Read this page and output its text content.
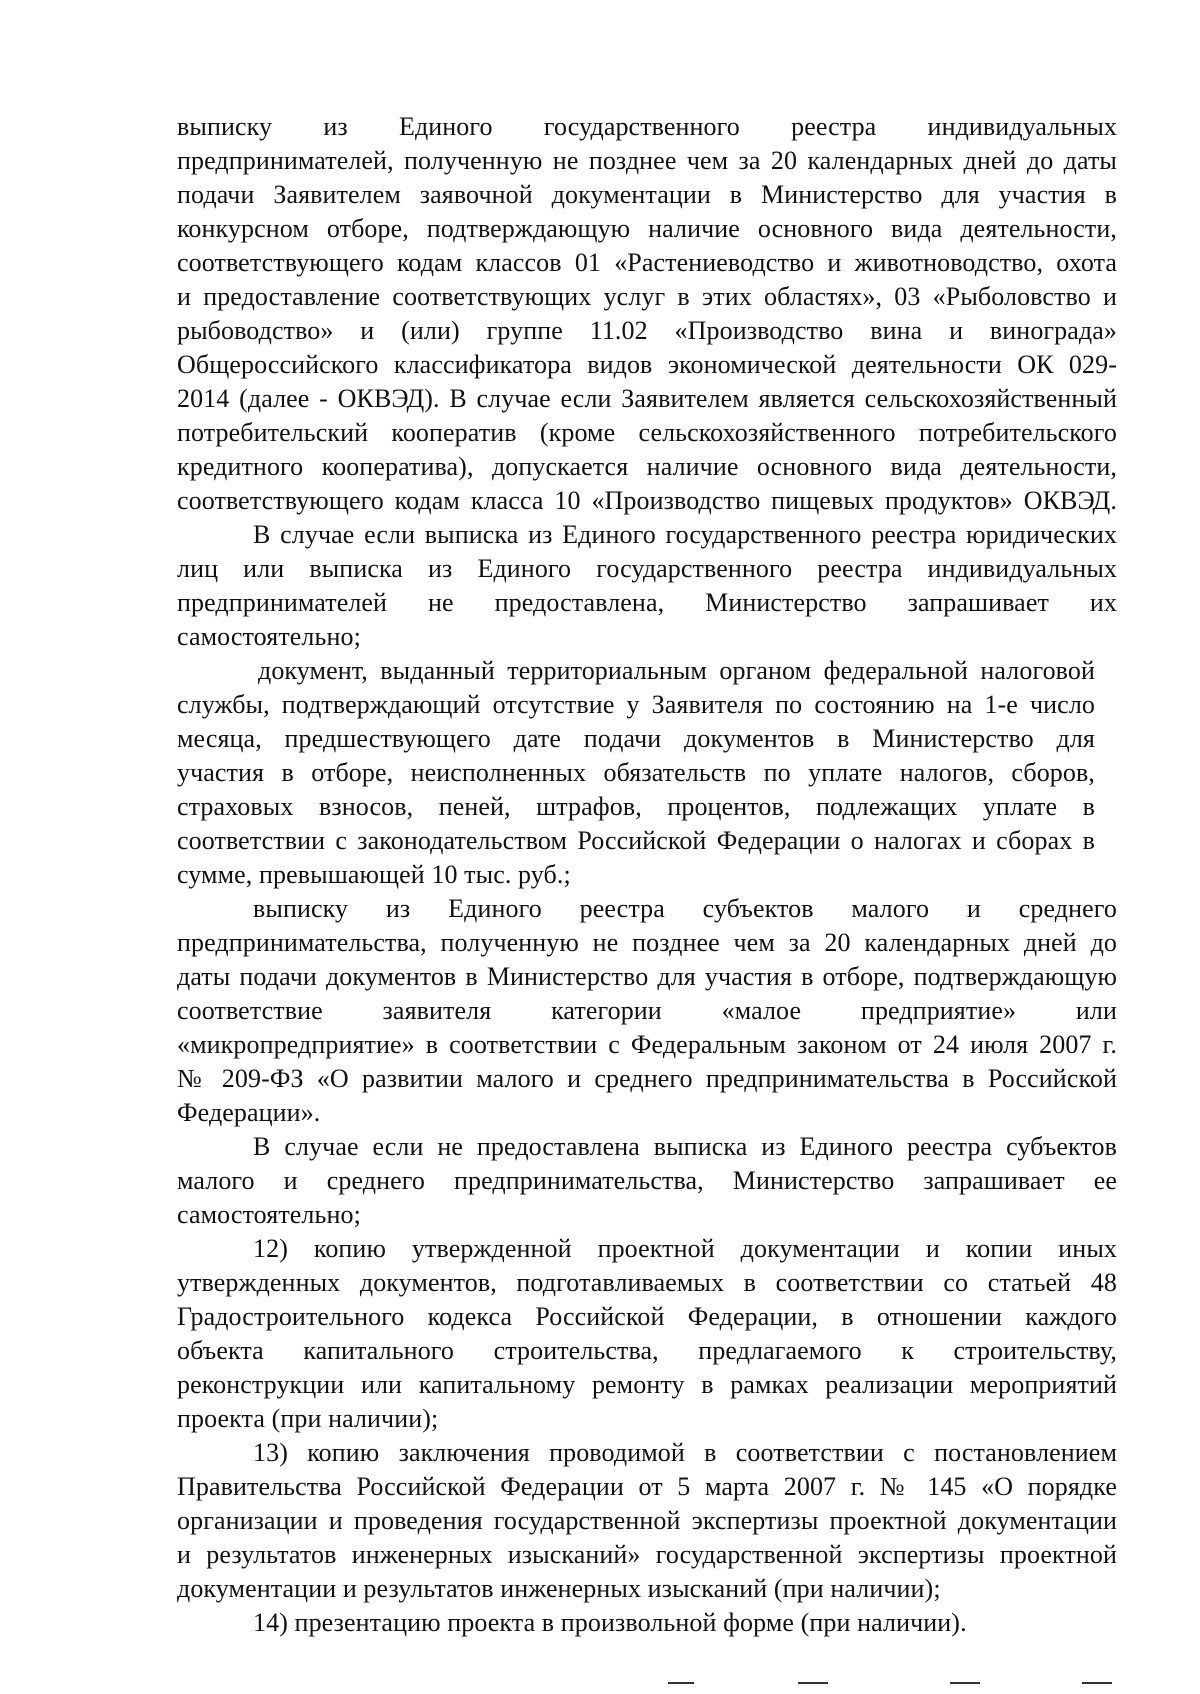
выписку из Единого государственного реестра индивидуальных
предпринимателей, полученную не позднее чем за 20 календарных дней до даты
подачи Заявителем заявочной документации в Министерство для участия в
конкурсном отборе, подтверждающую наличие основного вида деятельности,
соответствующего кодам классов 01 «Растениеводство и животноводство, охота
и предоставление соответствующих услуг в этих областях», 03 «Рыболовство и
рыбоводство» и (или) группе 11.02 «Производство вина и винограда»
Общероссийского классификатора видов экономической деятельности ОК 029-
2014 (далее - ОКВЭД). В случае если Заявителем является сельскохозяйственный
потребительский кооператив (кроме сельскохозяйственного потребительского
кредитного кооператива), допускается наличие основного вида деятельности,
соответствующего кодам класса 10 «Производство пищевых продуктов» ОКВЭД.
В случае если выписка из Единого государственного реестра юридических
лиц или выписка из Единого государственного реестра индивидуальных
предпринимателей не предоставлена, Министерство запрашивает их
самостоятельно;
документ, выданный территориальным органом федеральной налоговой
службы, подтверждающий отсутствие у Заявителя по состоянию на 1-е число
месяца, предшествующего дате подачи документов в Министерство для
участия в отборе, неисполненных обязательств по уплате налогов, сборов,
страховых взносов, пеней, штрафов, процентов, подлежащих уплате в
соответствии с законодательством Российской Федерации о налогах и сборах в
сумме, превышающей 10 тыс. руб.;
выписку из Единого реестра субъектов малого и среднего
предпринимательства, полученную не позднее чем за 20 календарных дней до
даты подачи документов в Министерство для участия в отборе, подтверждающую
соответствие заявителя категории «малое предприятие» или
«микропредприятие» в соответствии с Федеральным законом от 24 июля 2007 г.
№ 209-ФЗ «О развитии малого и среднего предпринимательства в Российской
Федерации».
В случае если не предоставлена выписка из Единого реестра субъектов
малого и среднего предпринимательства, Министерство запрашивает ее
самостоятельно;
12) копию утвержденной проектной документации и копии иных
утвержденных документов, подготавливаемых в соответствии со статьей 48
Градостроительного кодекса Российской Федерации, в отношении каждого
объекта капитального строительства, предлагаемого к строительству,
реконструкции или капитальному ремонту в рамках реализации мероприятий
проекта (при наличии);
13) копию заключения проводимой в соответствии с постановлением
Правительства Российской Федерации от 5 марта 2007 г. № 145 «О порядке
организации и проведения государственной экспертизы проектной документации
и результатов инженерных изысканий» государственной экспертизы проектной
документации и результатов инженерных изысканий (при наличии);
14) презентацию проекта в произвольной форме (при наличии).
